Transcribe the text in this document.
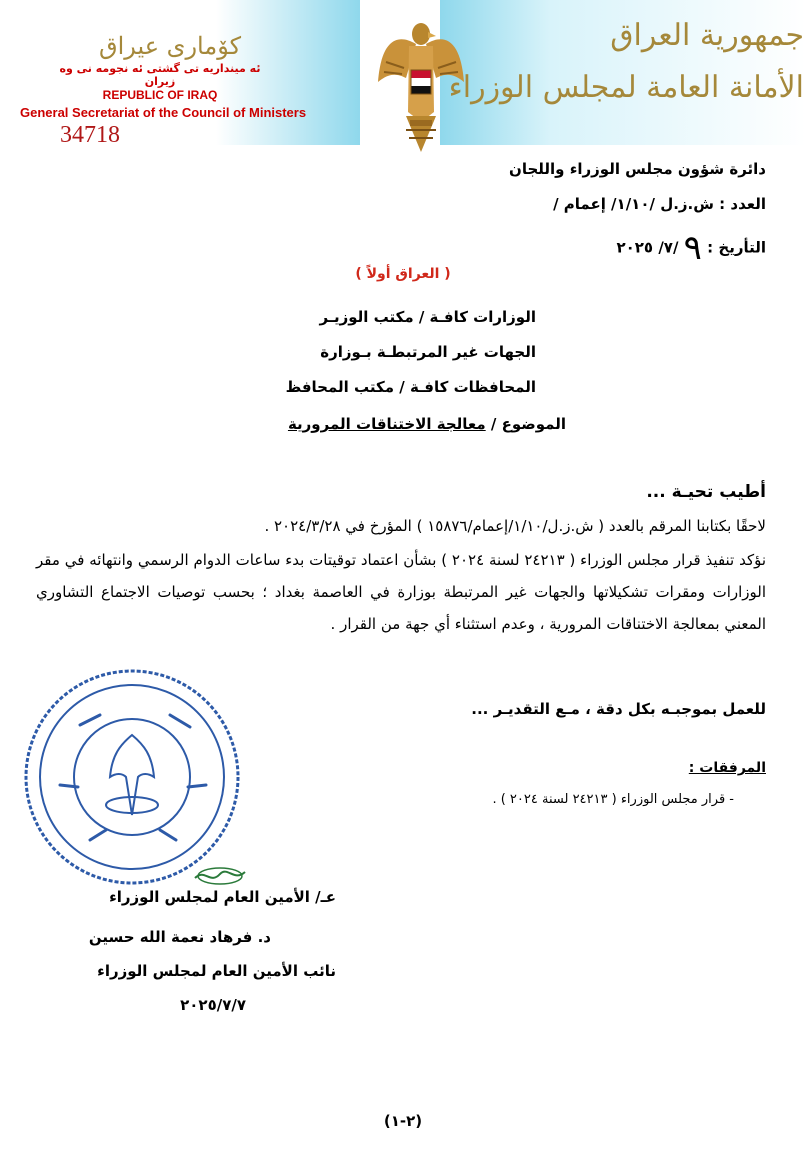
کۆماری عیراق
ئه مینداریه تی گشتی ئه نجومه نی وه زیران
REPUBLIC OF IRAQ
General Secretariat of the Council of Ministers
34718
جمهورية العراق
الأمانة العامة لمجلس الوزراء
دائرة شؤون مجلس الوزراء واللجان
العدد : ش.ز.ل /١/١٠/ إعمام /
التأريخ : ٩ /٧/ ٢٠٢٥
( العراق أولاً )
الوزارات كافـة / مكتب الوزيـر
الجهات غير المرتبطـة بـوزارة
المحافظات كافـة / مكتب المحافظ
الموضوع / معالجة الاختناقات المرورية
أطيب تحيـة ...
لاحقًا بكتابنا المرقم بالعدد ( ش.ز.ل/١/١٠/إعمام/١٥٨٧٦ ) المؤرخ في ٢٠٢٤/٣/٢٨ .
نؤكد تنفيذ قرار مجلس الوزراء ( ٢٤٢١٣ لسنة ٢٠٢٤ ) بشأن اعتماد توقيتات بدء ساعات الدوام الرسمي وانتهائه في مقر الوزارات ومقرات تشكيلاتها والجهات غير المرتبطة بوزارة في العاصمة بغداد ؛ بحسب توصيات الاجتماع التشاوري المعني بمعالجة الاختناقات المرورية ، وعدم استثناء أي جهة من القرار .
للعمل بموجبـه بكل دقة ، مـع التقديـر ...
المرفقات :
- قرار مجلس الوزراء ( ٢٤٢١٣ لسنة ٢٠٢٤ ) .
عـ/ الأمين العام لمجلس الوزراء
د. فرهاد نعمة الله حسين
نائب الأمين العام لمجلس الوزراء
٢٠٢٥/٧/٧
(٢-١)
